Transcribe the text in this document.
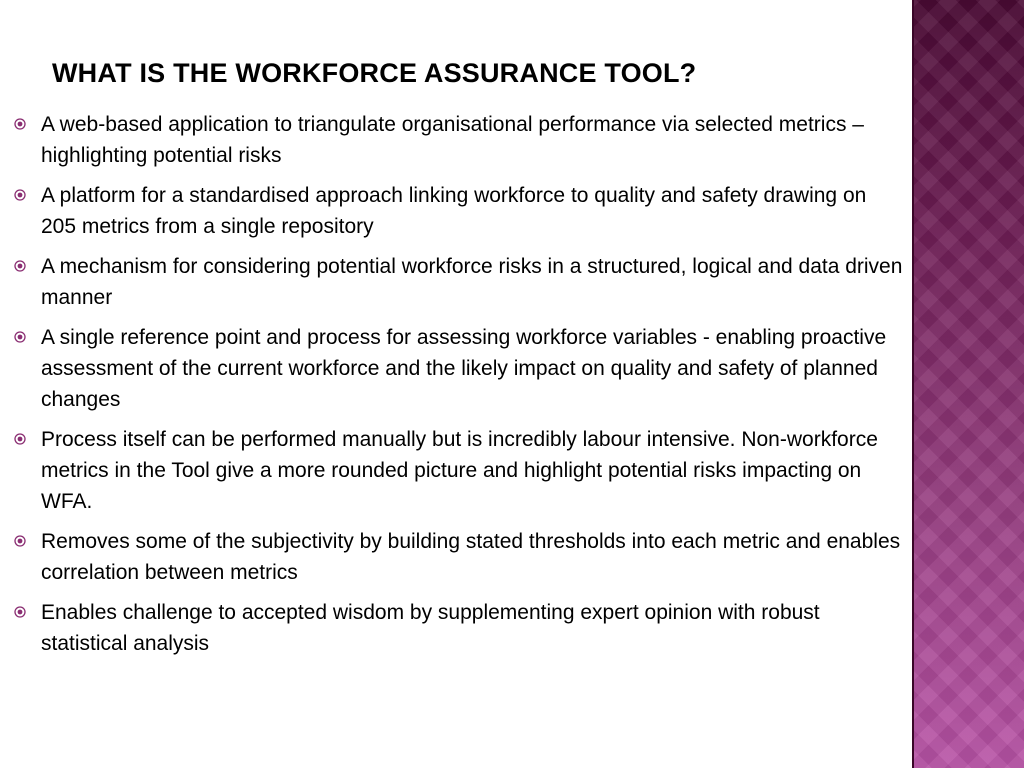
WHAT IS THE WORKFORCE ASSURANCE TOOL?
A web-based application to triangulate organisational performance via selected metrics – highlighting potential risks
A platform for a standardised approach linking workforce to quality and safety drawing on 205 metrics from a single repository
A mechanism for considering potential workforce risks in a structured, logical and data driven manner
A single reference point and process for assessing workforce variables - enabling proactive assessment of the current workforce and the likely impact on quality and safety of planned changes
Process itself can be performed manually but is incredibly labour intensive. Non-workforce metrics in the Tool give a more rounded picture and highlight potential risks impacting on WFA.
Removes some of the subjectivity by building stated thresholds into each metric and enables correlation between metrics
Enables challenge to accepted wisdom by supplementing expert opinion with robust statistical analysis
